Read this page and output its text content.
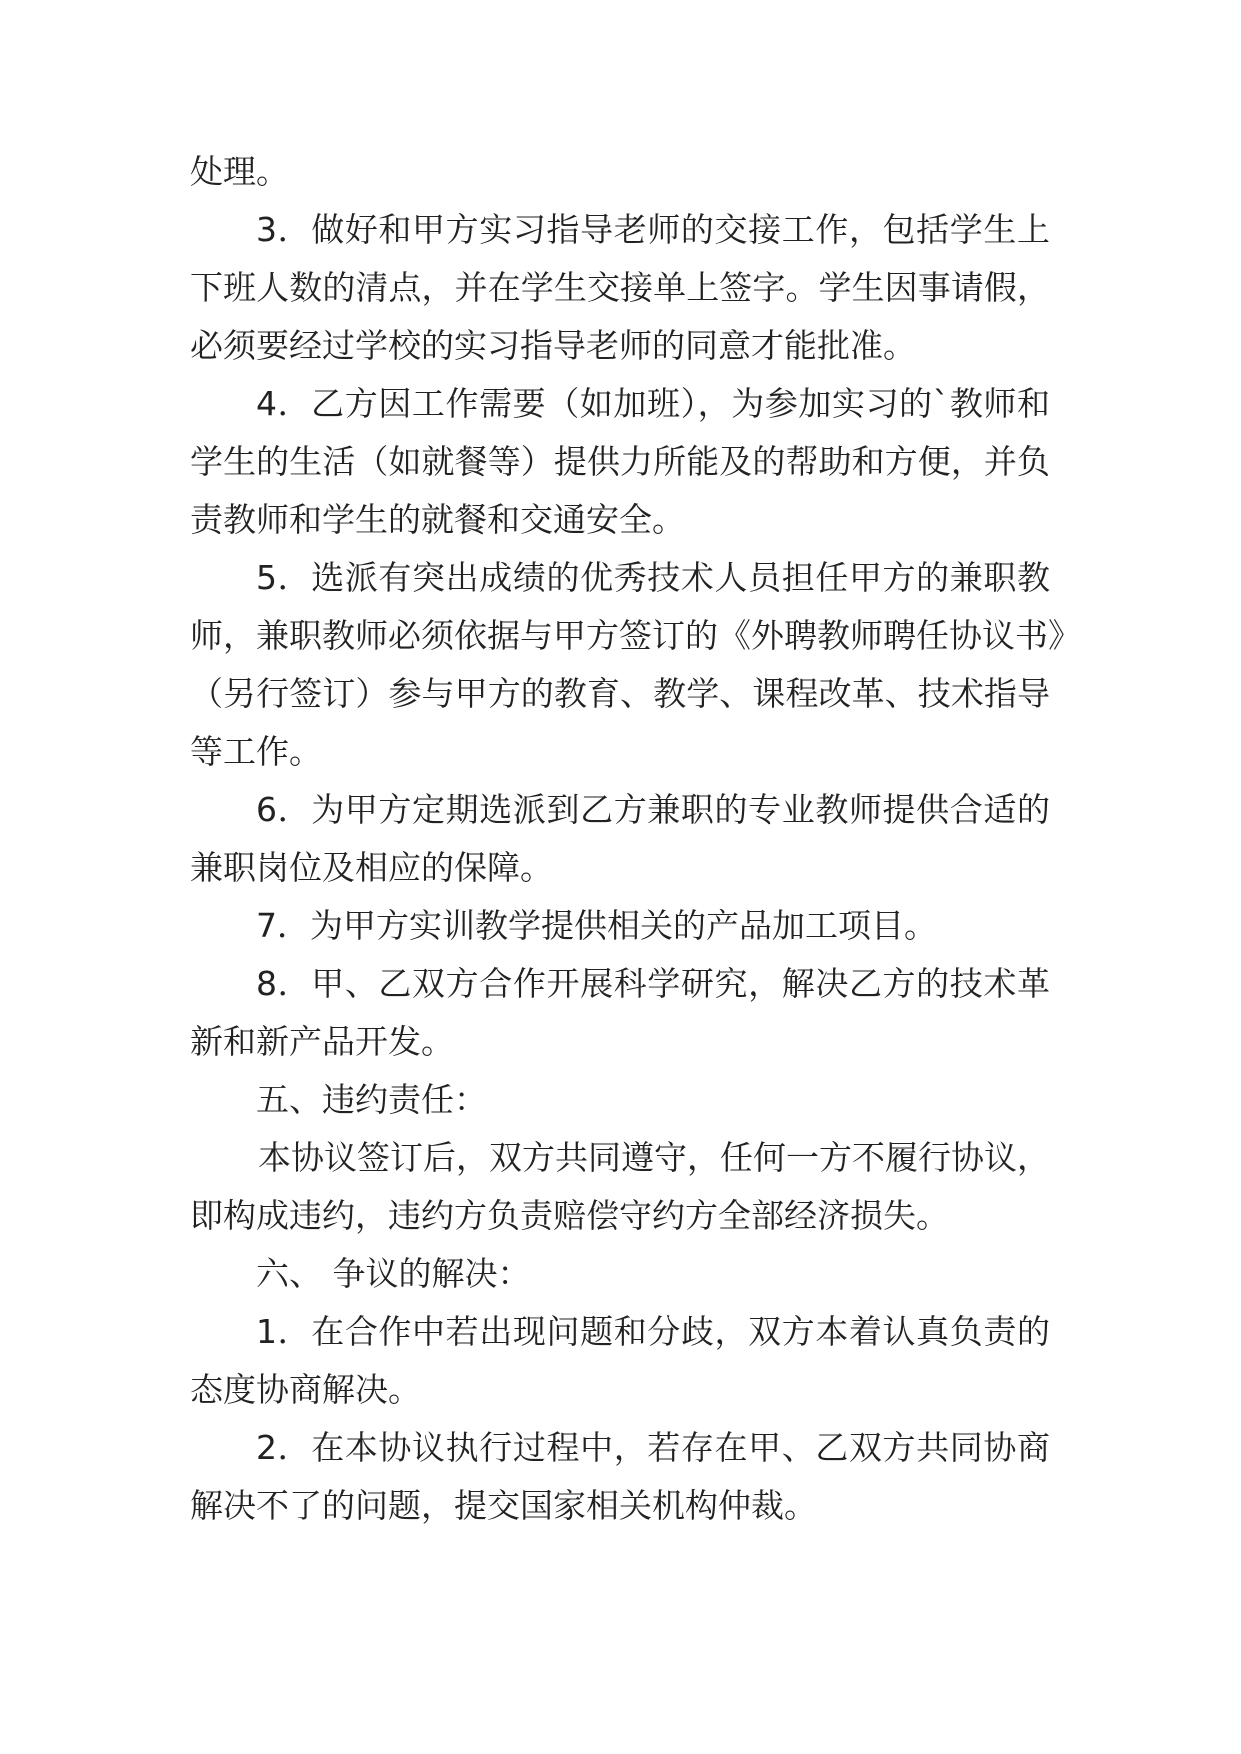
处理。
3．做好和甲方实习指导老师的交接工作，包括学生上
下班人数的清点，并在学生交接单上签字。学生因事请假，
必须要经过学校的实习指导老师的同意才能批准。
4．乙方因工作需要（如加班），为参加实习的`教师和
学生的生活（如就餐等）提供力所能及的帮助和方便，并负
责教师和学生的就餐和交通安全。
5．选派有突出成绩的优秀技术人员担任甲方的兼职教
师，兼职教师必须依据与甲方签订的《外聘教师聘任协议书》
（另行签订）参与甲方的教育、教学、课程改革、技术指导
等工作。
6．为甲方定期选派到乙方兼职的专业教师提供合适的
兼职岗位及相应的保障。
7．为甲方实训教学提供相关的产品加工项目。
8．甲、乙双方合作开展科学研究，解决乙方的技术革
新和新产品开发。
五、违约责任：
本协议签订后，双方共同遵守，任何一方不履行协议，
即构成违约，违约方负责赔偿守约方全部经济损失。
六、 争议的解决：
1．在合作中若出现问题和分歧，双方本着认真负责的
态度协商解决。
2．在本协议执行过程中，若存在甲、乙双方共同协商
解决不了的问题，提交国家相关机构仲裁。
